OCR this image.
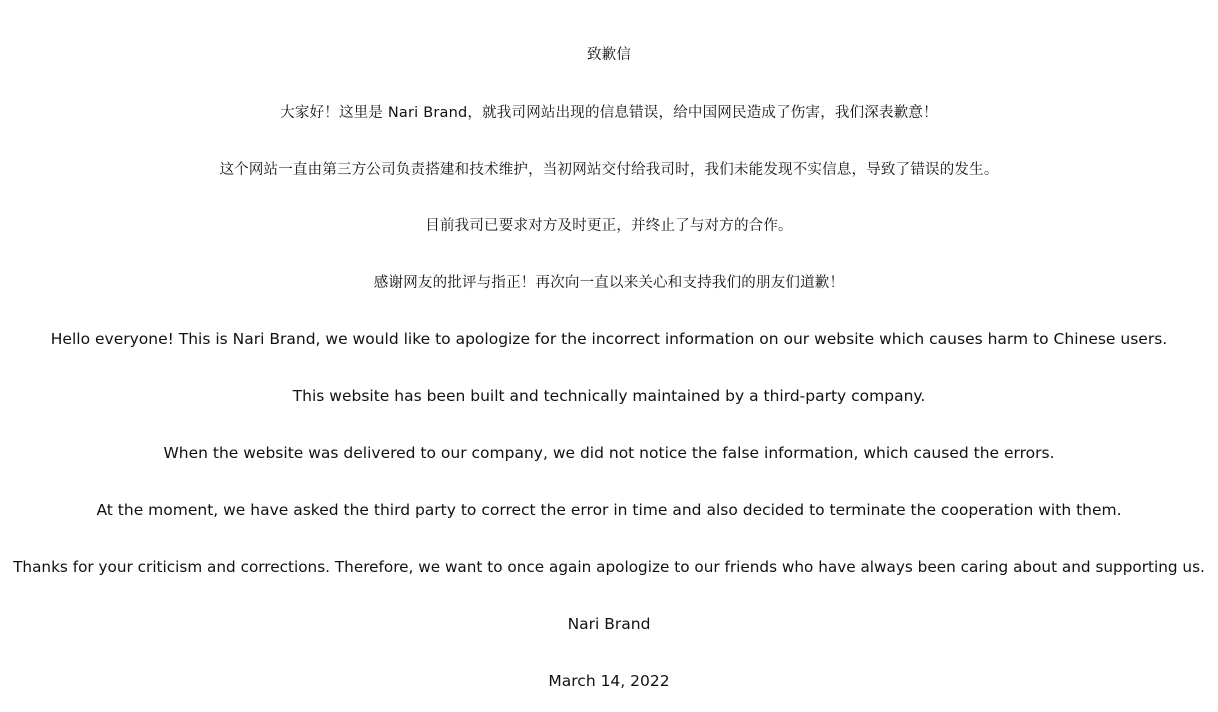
致歉信
大家好！这里是 Nari Brand，就我司网站出现的信息错误，给中国网民造成了伤害，我们深表歉意！
这个网站一直由第三方公司负责搭建和技术维护，当初网站交付给我司时，我们未能发现不实信息，导致了错误的发生。
目前我司已要求对方及时更正，并终止了与对方的合作。
感谢网友的批评与指正！再次向一直以来关心和支持我们的朋友们道歉！
Hello everyone! This is Nari Brand, we would like to apologize for the incorrect information on our website which causes harm to Chinese users.
This website has been built and technically maintained by a third-party company.
When the website was delivered to our company, we did not notice the false information, which caused the errors.
At the moment, we have asked the third party to correct the error in time and also decided to terminate the cooperation with them.
Thanks for your criticism and corrections. Therefore, we want to once again apologize to our friends who have always been caring about and supporting us.
Nari Brand
March 14, 2022
